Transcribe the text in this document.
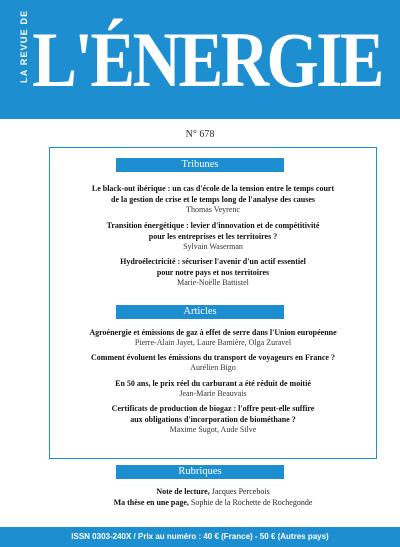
LA REVUE DE L'ÉNERGIE
N° 678
Tribunes
Le black-out ibérique : un cas d'école de la tension entre le temps court
de la gestion de crise et le temps long de l'analyse des causes
Thomas Veyrenc
Transition énergétique : levier d'innovation et de compétitivité
pour les entreprises et les territoires ?
Sylvain Waserman
Hydroélectricité : sécuriser l'avenir d'un actif essentiel
pour notre pays et nos territoires
Marie-Noëlle Battistel
Articles
Agroénergie et émissions de gaz à effet de serre dans l'Union européenne
Pierre-Alain Jayet, Laure Bamière, Olga Zuravel
Comment évoluent les émissions du transport de voyageurs en France ?
Aurélien Bigo
En 50 ans, le prix réel du carburant a été réduit de moitié
Jean-Marie Beauvais
Certificats de production de biogaz : l'offre peut-elle suffire
aux obligations d'incorporation de biométhane ?
Maxime Sugot, Aude Silve
Rubriques
Note de lecture, Jacques Percebois
Ma thèse en une page, Sophie de la Rochette de Rochegonde
ISSN 0303-240X / Prix au numéro : 40 € (France) - 50 € (Autres pays)
